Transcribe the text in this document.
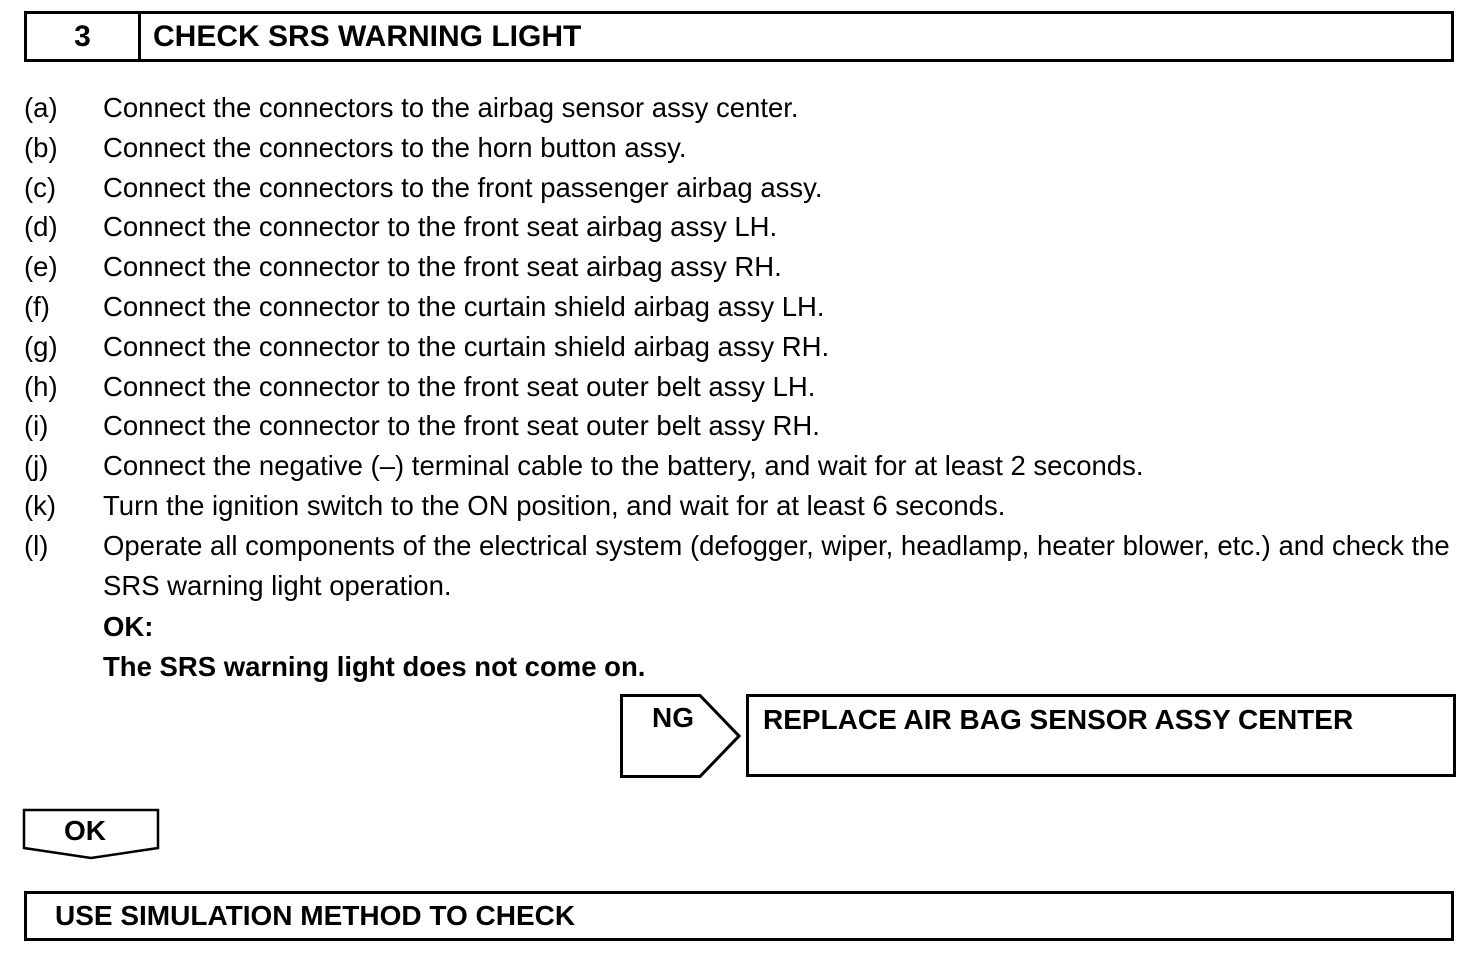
3	CHECK SRS WARNING LIGHT
(a)	Connect the connectors to the airbag sensor assy center.
(b)	Connect the connectors to the horn button assy.
(c)	Connect the connectors to the front passenger airbag assy.
(d)	Connect the connector to the front seat airbag assy LH.
(e)	Connect the connector to the front seat airbag assy RH.
(f)	Connect the connector to the curtain shield airbag assy LH.
(g)	Connect the connector to the curtain shield airbag assy RH.
(h)	Connect the connector to the front seat outer belt assy LH.
(i)	Connect the connector to the front seat outer belt assy RH.
(j)	Connect the negative (–) terminal cable to the battery, and wait for at least 2 seconds.
(k)	Turn the ignition switch to the ON position, and wait for at least 6 seconds.
(l)	Operate all components of the electrical system (defogger, wiper, headlamp, heater blower, etc.) and check the SRS warning light operation.
OK:
The SRS warning light does not come on.
NG	REPLACE AIR BAG SENSOR ASSY CENTER
OK
USE SIMULATION METHOD TO CHECK
